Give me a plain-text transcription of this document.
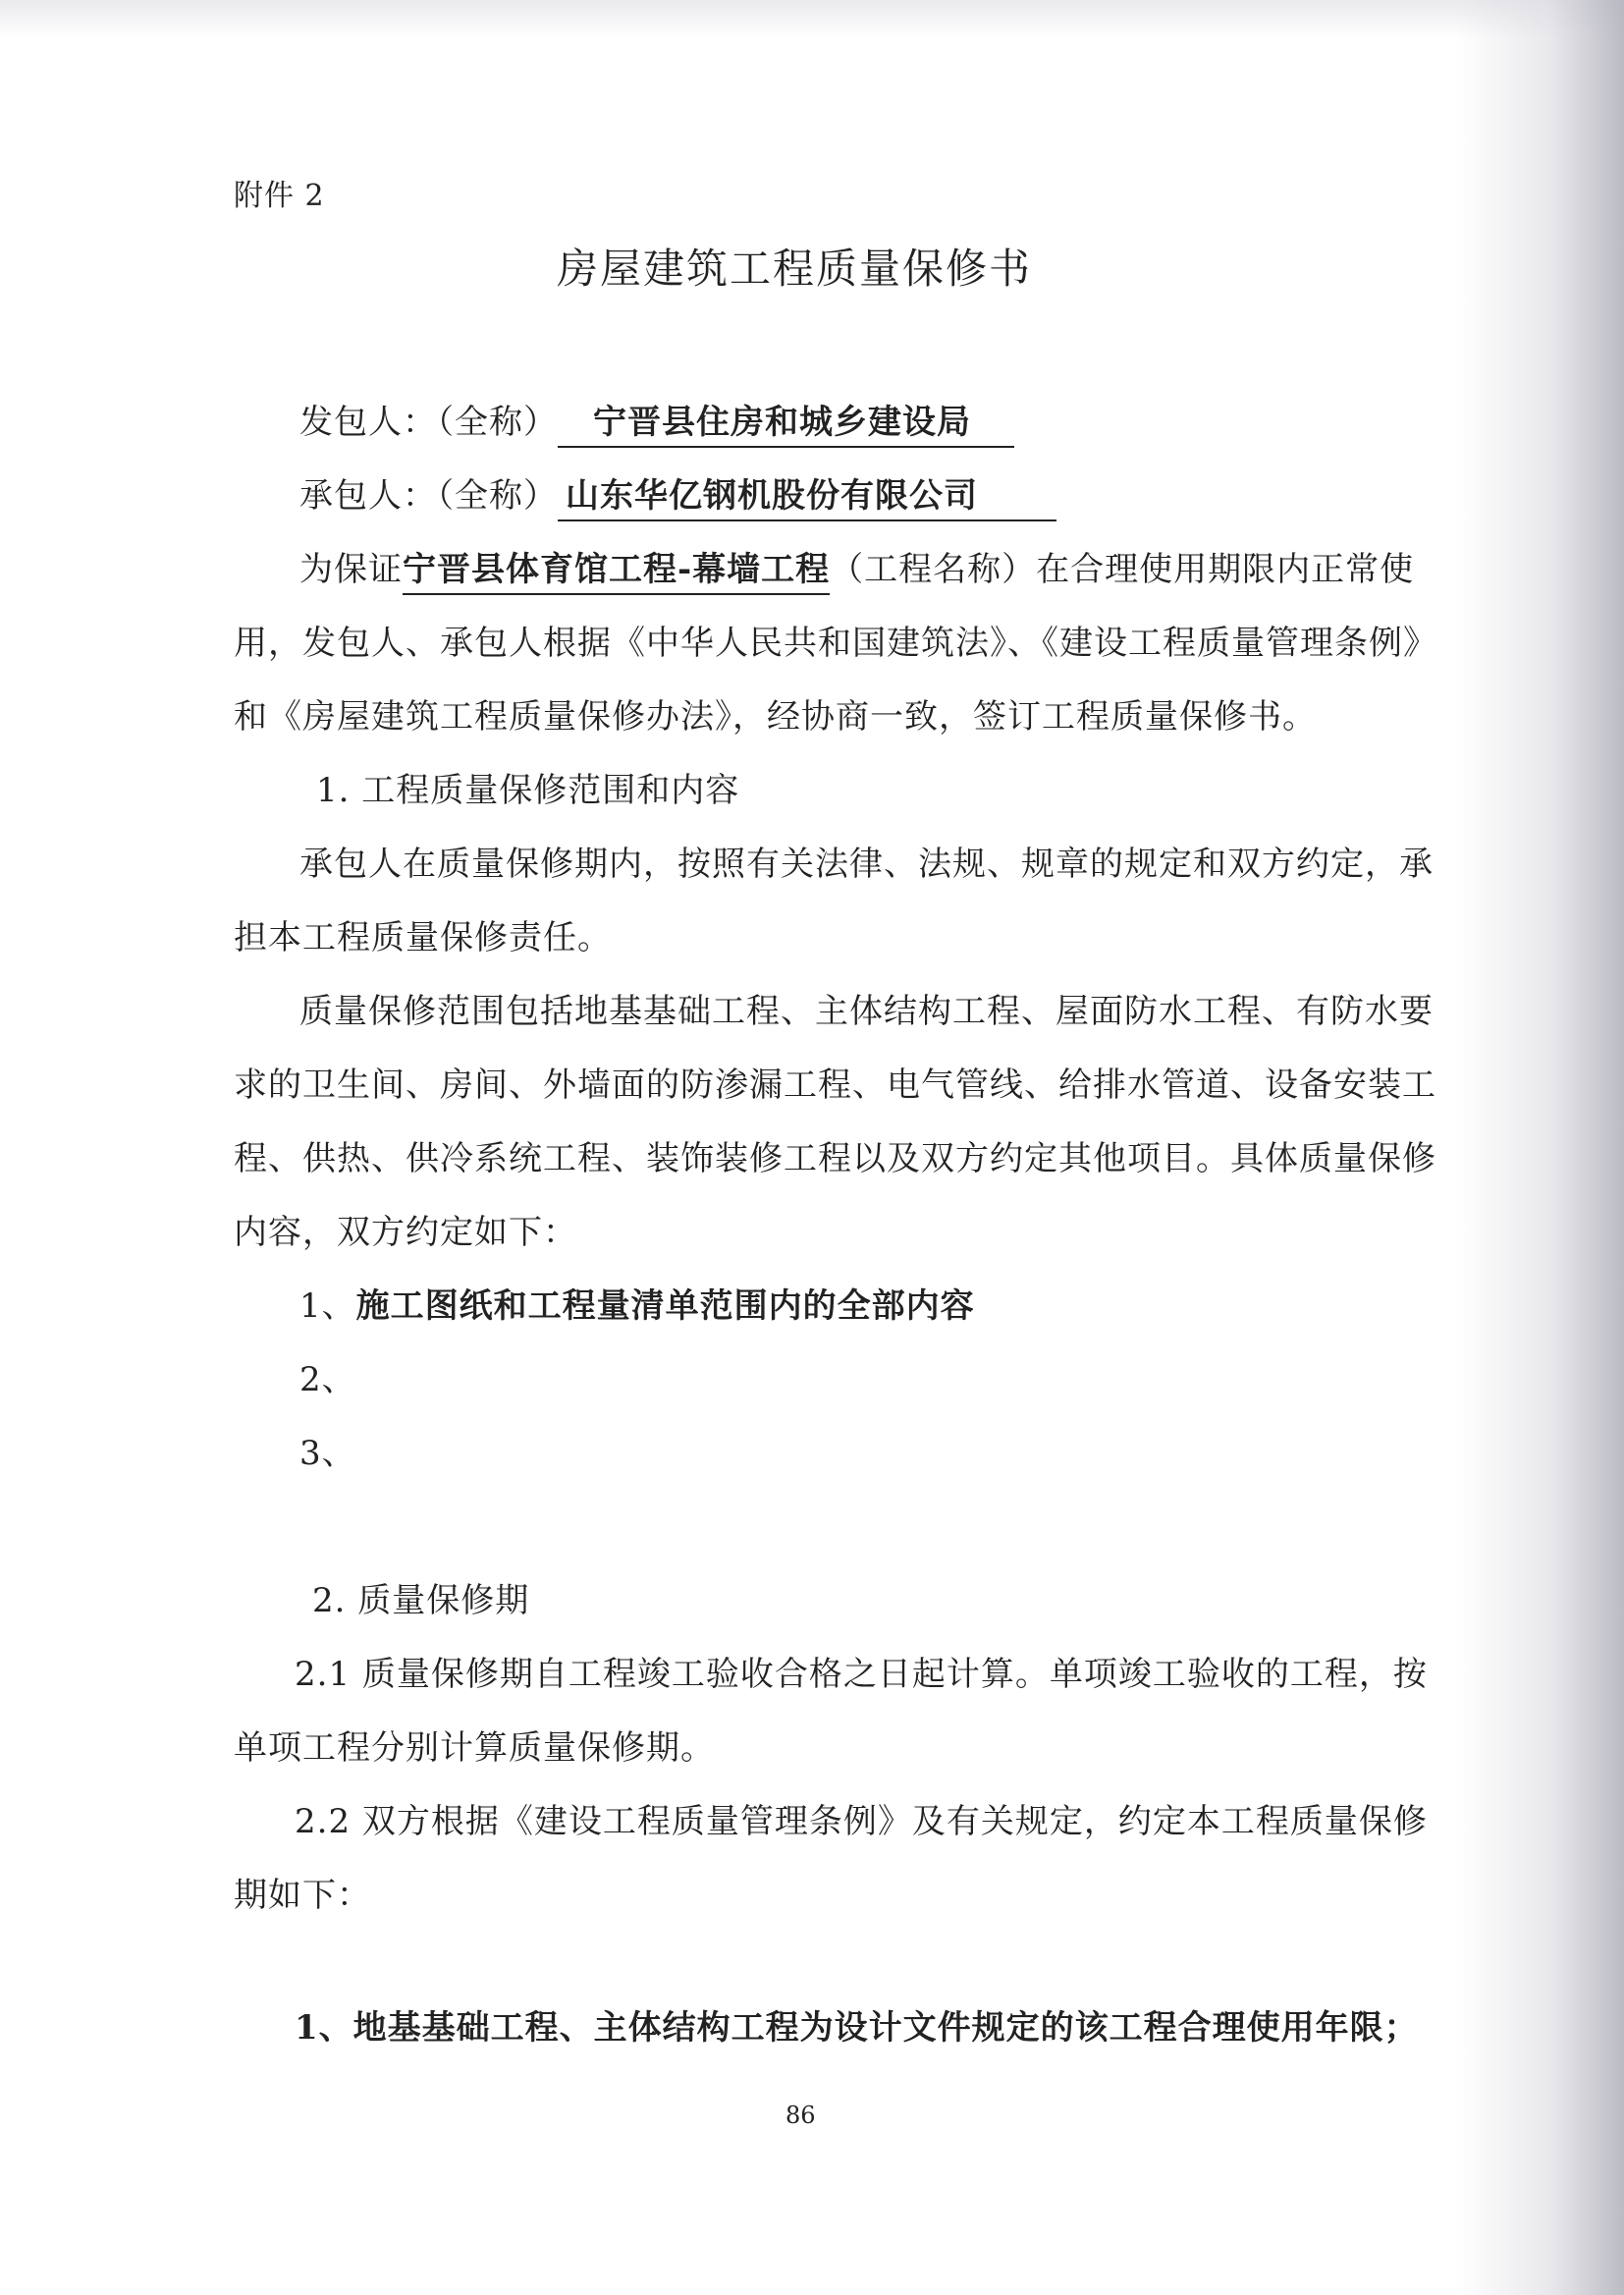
附件 2
房屋建筑工程质量保修书
发包人：（全称） 宁晋县住房和城乡建设局
承包人：（全称） 山东华亿钢机股份有限公司
为保证宁晋县体育馆工程-幕墙工程（工程名称）在合理使用期限内正常使
用，发包人、承包人根据《中华人民共和国建筑法》、《建设工程质量管理条例》
和《房屋建筑工程质量保修办法》，经协商一致，签订工程质量保修书。
1. 工程质量保修范围和内容
承包人在质量保修期内，按照有关法律、法规、规章的规定和双方约定，承
担本工程质量保修责任。
质量保修范围包括地基基础工程、主体结构工程、屋面防水工程、有防水要
求的卫生间、房间、外墙面的防渗漏工程、电气管线、给排水管道、设备安装工
程、供热、供冷系统工程、装饰装修工程以及双方约定其他项目。具体质量保修
内容，双方约定如下：
1、施工图纸和工程量清单范围内的全部内容
2、
3、
2. 质量保修期
2.1 质量保修期自工程竣工验收合格之日起计算。单项竣工验收的工程，按
单项工程分别计算质量保修期。
2.2 双方根据《建设工程质量管理条例》及有关规定，约定本工程质量保修
期如下：
1、地基基础工程、主体结构工程为设计文件规定的该工程合理使用年限；
86
